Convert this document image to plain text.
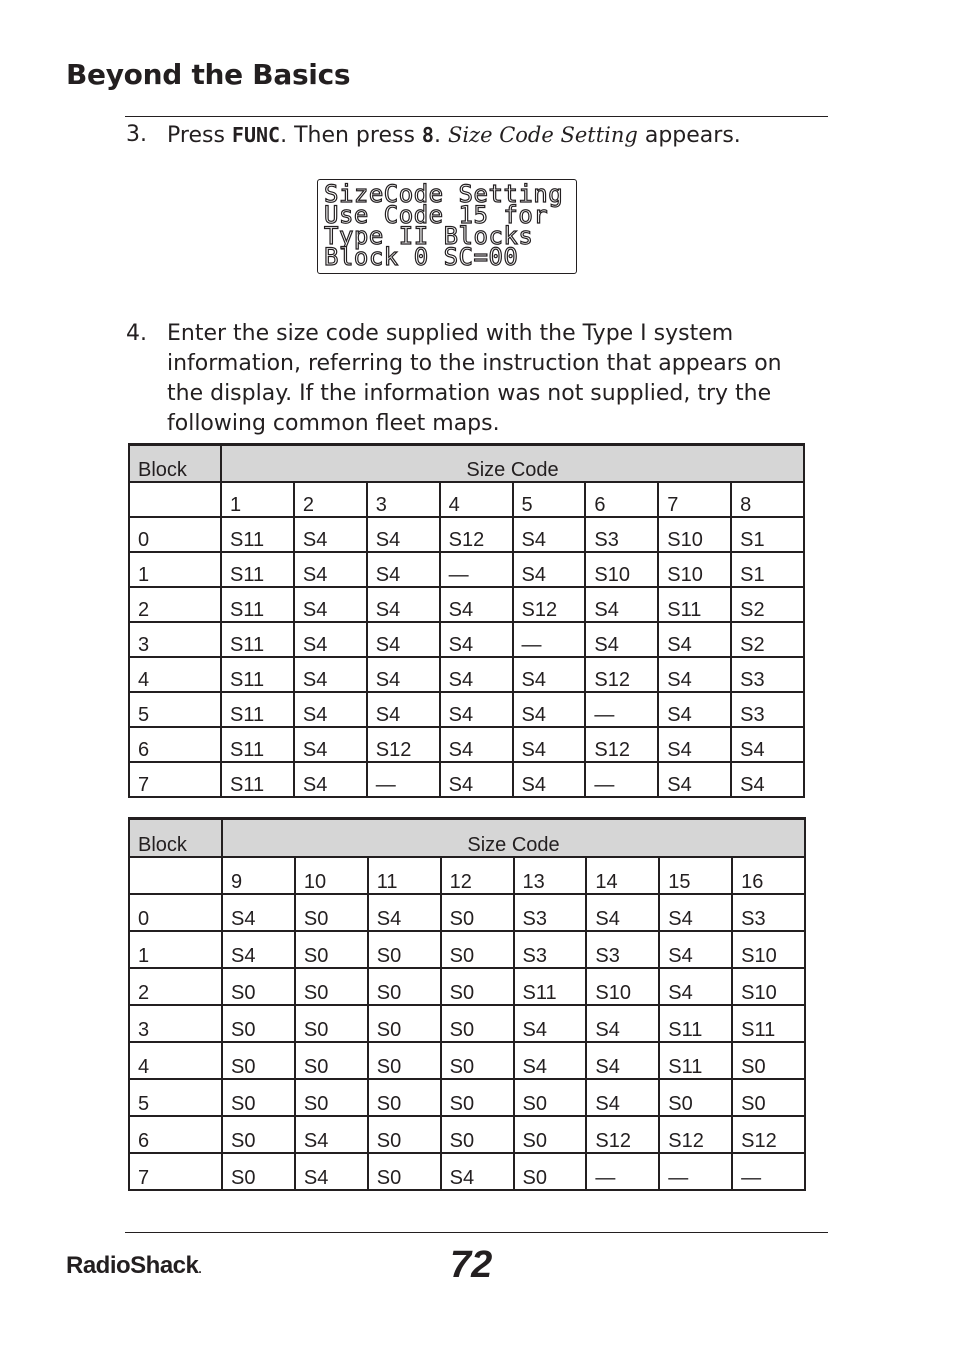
Beyond the Basics
3. Press FUNC. Then press 8. Size Code Setting appears.
SizeCode Setting
Use Code 15 for
Type II Blocks
Block 0 SC=00
4. Enter the size code supplied with the Type I system information, referring to the instruction that appears on the display. If the information was not supplied, try the following common fleet maps.
Block	Size Code							
	1	2	3	4	5	6	7	8
0	S11	S4	S4	S12	S4	S3	S10	S1
1	S11	S4	S4	—	S4	S10	S10	S1
2	S11	S4	S4	S4	S12	S4	S11	S2
3	S11	S4	S4	S4	—	S4	S4	S2
4	S11	S4	S4	S4	S4	S12	S4	S3
5	S11	S4	S4	S4	S4	—	S4	S3
6	S11	S4	S12	S4	S4	S12	S4	S4
7	S11	S4	—	S4	S4	—	S4	S4
Block	Size Code							
	9	10	11	12	13	14	15	16
0	S4	S0	S4	S0	S3	S4	S4	S3
1	S4	S0	S0	S0	S3	S3	S4	S10
2	S0	S0	S0	S0	S11	S10	S4	S10
3	S0	S0	S0	S0	S4	S4	S11	S11
4	S0	S0	S0	S0	S4	S4	S11	S0
5	S0	S0	S0	S0	S0	S4	S0	S0
6	S0	S4	S0	S0	S0	S12	S12	S12
7	S0	S4	S0	S4	S0	—	—	—
RadioShack.	72
